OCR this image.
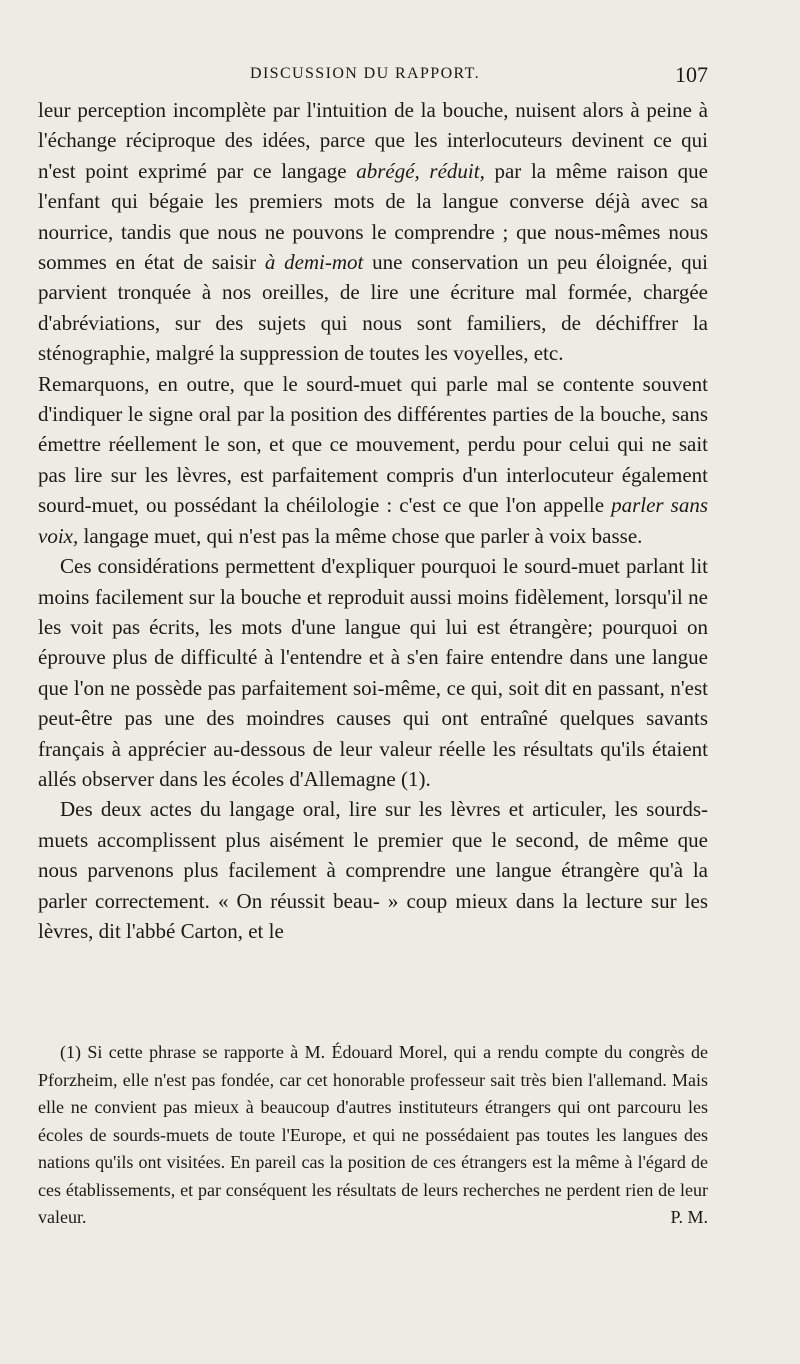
DISCUSSION DU RAPPORT.	107

leur perception incomplète par l'intuition de la bouche, nuisent alors à peine à l'échange réciproque des idées, parce que les interlocuteurs devinent ce qui n'est point exprimé par ce langage abrégé, réduit, par la même raison que l'enfant qui bégaie les premiers mots de la langue converse déjà avec sa nourrice, tandis que nous ne pouvons le comprendre ; que nous-mêmes nous sommes en état de saisir à demi-mot une conservation un peu éloignée, qui parvient tronquée à nos oreilles, de lire une écriture mal formée, chargée d'abréviations, sur des sujets qui nous sont familiers, de déchiffrer la sténographie, malgré la suppression de toutes les voyelles, etc.

Remarquons, en outre, que le sourd-muet qui parle mal se contente souvent d'indiquer le signe oral par la position des différentes parties de la bouche, sans émettre réellement le son, et que ce mouvement, perdu pour celui qui ne sait pas lire sur les lèvres, est parfaitement compris d'un interlocuteur également sourd-muet, ou possédant la chéilologie : c'est ce que l'on appelle parler sans voix, langage muet, qui n'est pas la même chose que parler à voix basse.

Ces considérations permettent d'expliquer pourquoi le sourd-muet parlant lit moins facilement sur la bouche et reproduit aussi moins fidèlement, lorsqu'il ne les voit pas écrits, les mots d'une langue qui lui est étrangère; pourquoi on éprouve plus de difficulté à l'entendre et à s'en faire entendre dans une langue que l'on ne possède pas parfaitement soi-même, ce qui, soit dit en passant, n'est peut-être pas une des moindres causes qui ont entraîné quelques savants français à apprécier au-dessous de leur valeur réelle les résultats qu'ils étaient allés observer dans les écoles d'Allemagne (1).

Des deux actes du langage oral, lire sur les lèvres et articuler, les sourds-muets accomplissent plus aisément le premier que le second, de même que nous parvenons plus facilement à comprendre une langue étrangère qu'à la parler correctement. « On réussit beau- » coup mieux dans la lecture sur les lèvres, dit l'abbé Carton, et le

(1) Si cette phrase se rapporte à M. Édouard Morel, qui a rendu compte du congrès de Pforzheim, elle n'est pas fondée, car cet honorable professeur sait très bien l'allemand. Mais elle ne convient pas mieux à beaucoup d'autres instituteurs étrangers qui ont parcouru les écoles de sourds-muets de toute l'Europe, et qui ne possédaient pas toutes les langues des nations qu'ils ont visitées. En pareil cas la position de ces étrangers est la même à l'égard de ces établissements, et par conséquent les résultats de leurs recherches ne perdent rien de leur valeur.	P. M.
